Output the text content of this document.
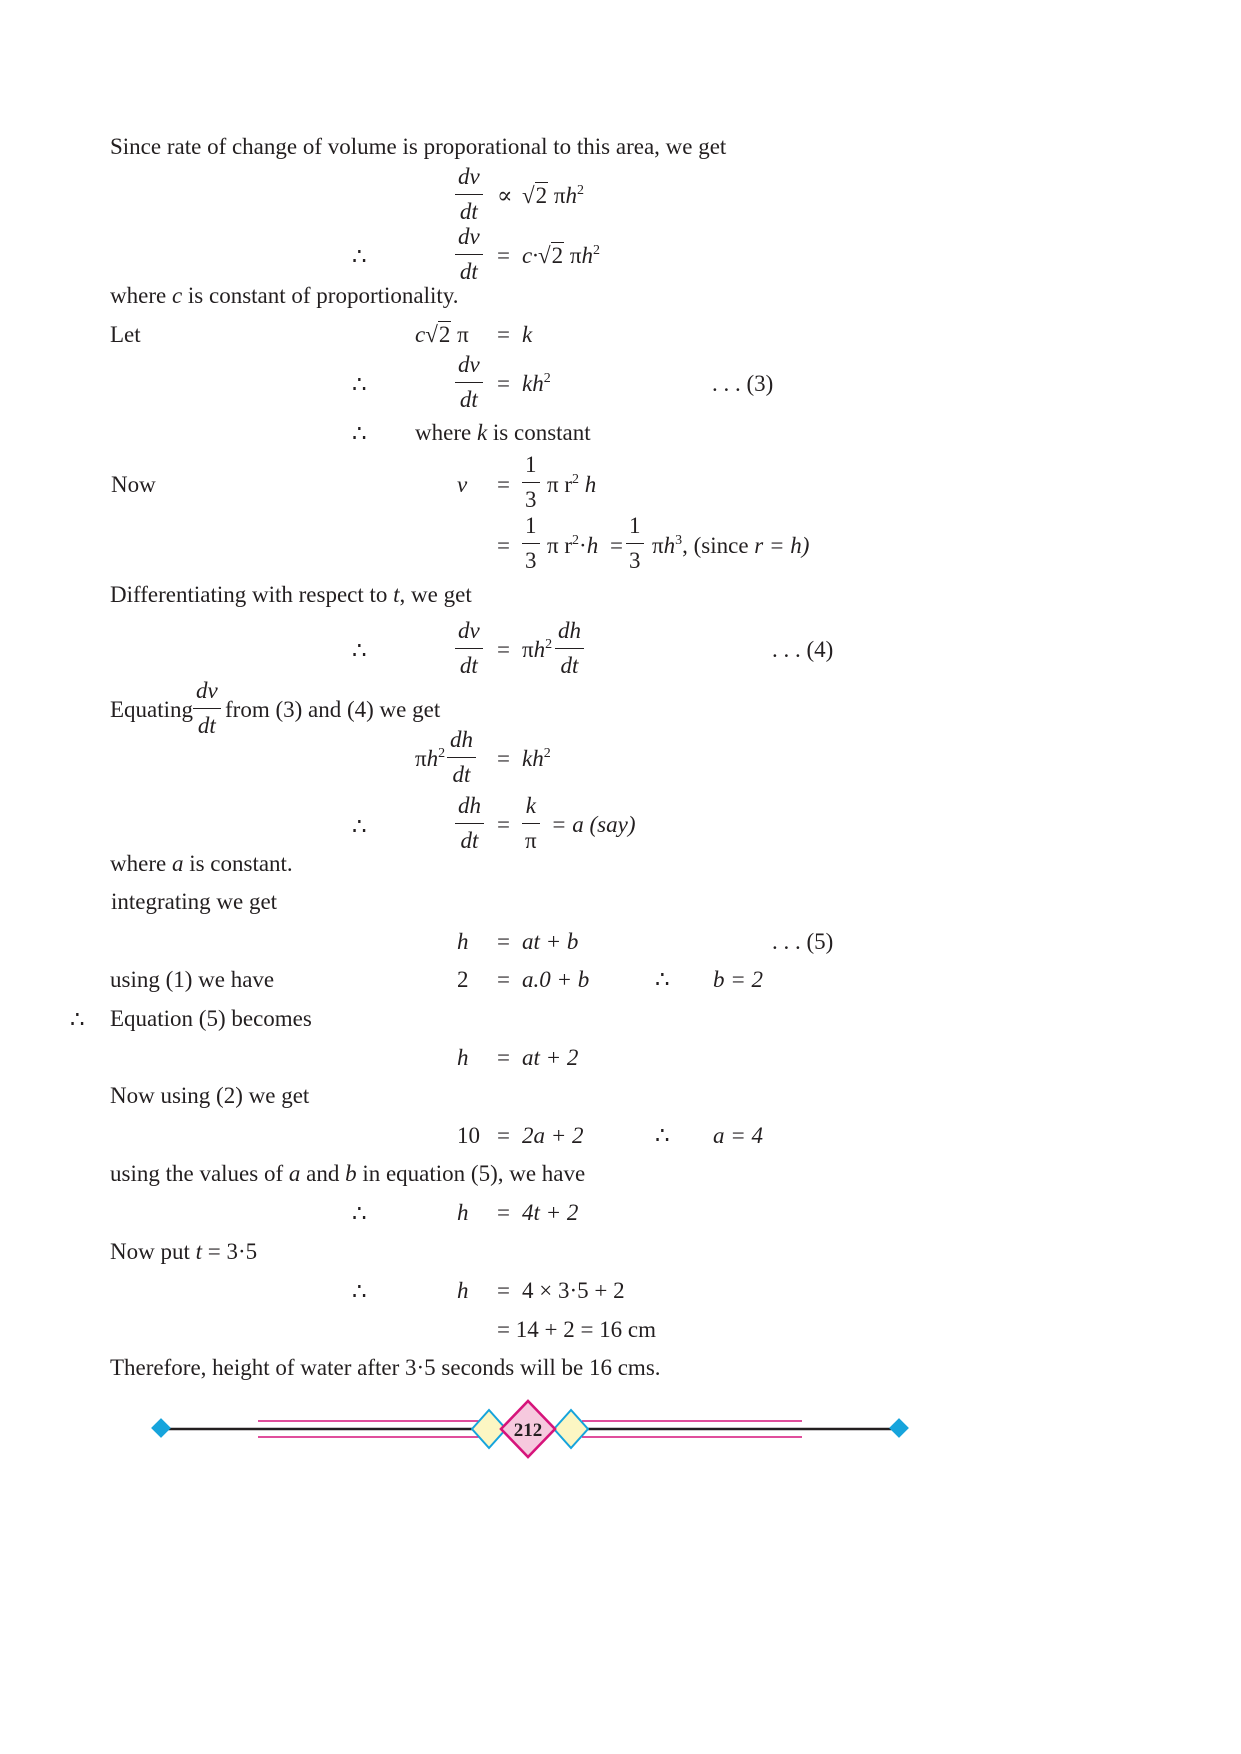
Since rate of change of volume is proporational to this area, we get
dv
dt
∝ √2 $\pi h^2$
∴
dv
dt
= c·√2 $\pi h^2$
where c is constant of proportionality.
Let	c√2 π = k
∴
dv
dt
= $kh^2$	. . . (3)
∴ where k is constant
Now	v =
1
3
π $r^2$ h
=
1
3
π $r^2\cdot h$ =
1
3
$\pi h^3$, (since r = h)
Differentiating with respect to t, we get
∴
dv
dt
= $\pi h^2$
dh
dt
. . . (4)
Equating
dv
dt
from (3) and (4) we get
$\pi h^2$
dh
dt
= $kh^2$
∴
dh
dt
=
k
π
= a (say)
where a is constant.
integrating we get
h = at + b	. . . (5)
using (1) we have	2 = a.0 + b	∴ b = 2
∴ Equation (5) becomes
h = at + 2
Now using (2) we get
10 = 2a + 2	∴ a = 4
using the values of a and b in equation (5), we have
∴	h = 4t + 2
Now put t = 3·5
∴	h = 4 × 3·5 + 2
= 14 + 2 = 16 cm
Therefore, height of water after 3·5 seconds will be 16 cms.
212
